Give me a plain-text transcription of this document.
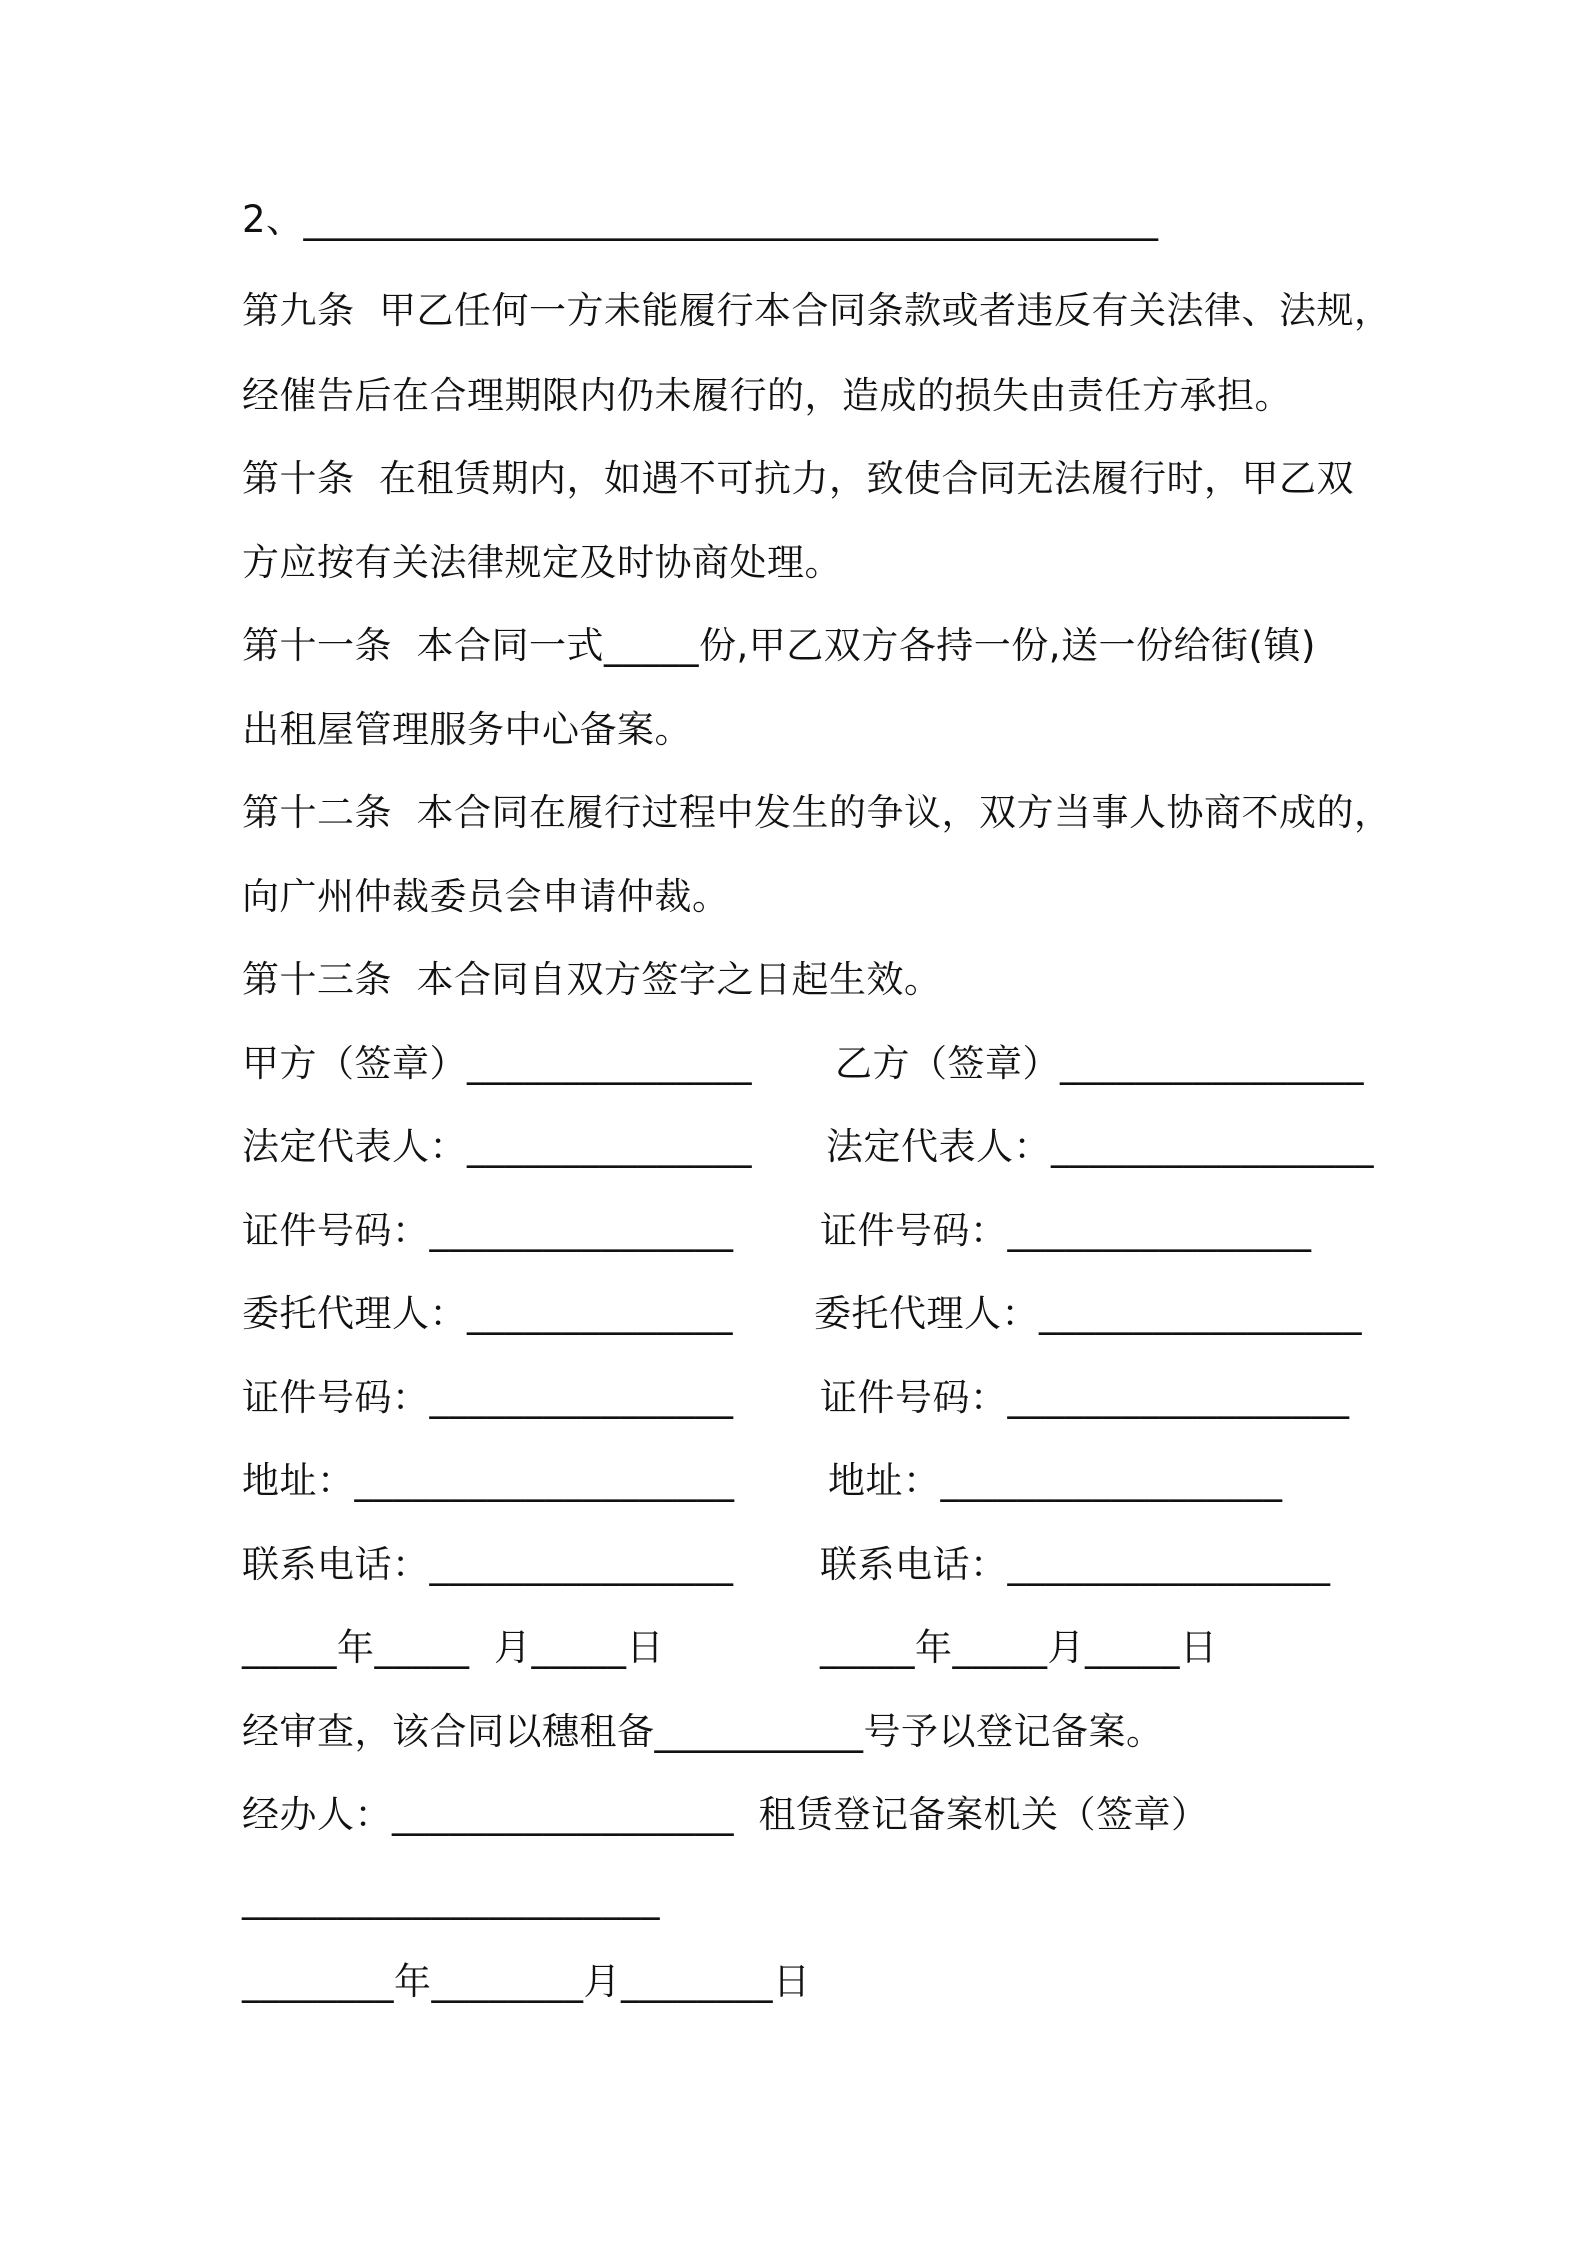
2、_____________________________________________
第九条  甲乙任何一方未能履行本合同条款或者违反有关法律、法规，
经催告后在合理期限内仍未履行的，造成的损失由责任方承担。
第十条  在租赁期内，如遇不可抗力，致使合同无法履行时，甲乙双
方应按有关法律规定及时协商处理。
第十一条  本合同一式_____份,甲乙双方各持一份,送一份给街(镇)
出租屋管理服务中心备案。
第十二条  本合同在履行过程中发生的争议，双方当事人协商不成的，
向广州仲裁委员会申请仲裁。
第十三条  本合同自双方签字之日起生效。
甲方（签章）_______________ 乙方（签章）________________
法定代表人：_______________ 法定代表人：_________________
证件号码：________________ 证件号码：________________
委托代理人：______________ 委托代理人：_________________
证件号码：________________ 证件号码：__________________
地址：____________________	地址：__________________
联系电话：________________ 联系电话：_________________
_____年_____  月_____日	_____年_____月_____日
经审查，该合同以穗租备___________号予以登记备案。
经办人：__________________  租赁登记备案机关（签章）
______________________
________年________月________日
